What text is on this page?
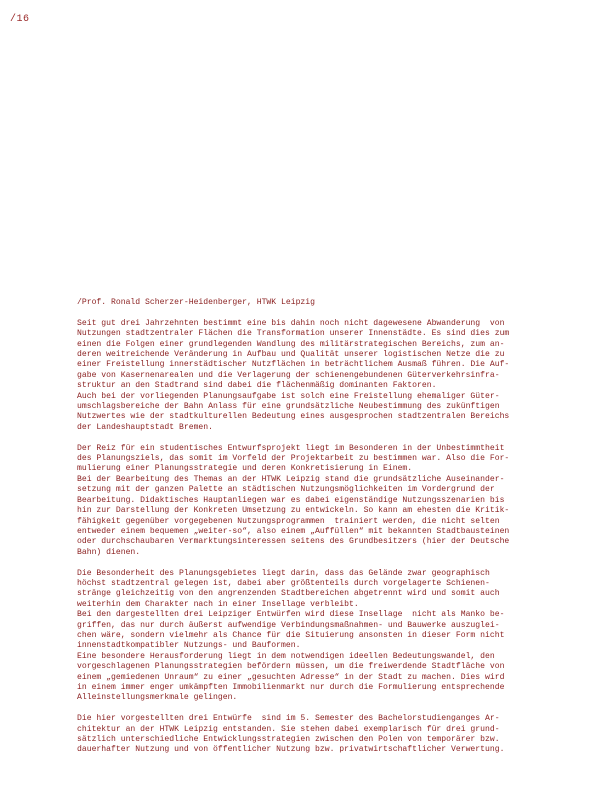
/16
/Prof. Ronald Scherzer-Heidenberger, HTWK Leipzig
Seit gut drei Jahrzehnten bestimmt eine bis dahin noch nicht dagewesene Abwanderung  von
Nutzungen stadtzentraler Flächen die Transformation unserer Innenstädte. Es sind dies zum
einen die Folgen einer grundlegenden Wandlung des militärstrategischen Bereichs, zum an-
deren weitreichende Veränderung in Aufbau und Qualität unserer logistischen Netze die zu
einer Freistellung innerstädtischer Nutzflächen in beträchtlichem Ausmaß führen. Die Auf-
gabe von Kasernenarealen und die Verlagerung der schienengebundenen Güterverkehrsinfra-
struktur an den Stadtrand sind dabei die flächenmäßig dominanten Faktoren.
Auch bei der vorliegenden Planungsaufgabe ist solch eine Freistellung ehemaliger Güter-
umschlagsbereiche der Bahn Anlass für eine grundsätzliche Neubestimmung des zukünftigen
Nutzwertes wie der stadtkulturellen Bedeutung eines ausgesprochen stadtzentralen Bereichs
der Landeshauptstadt Bremen.
Der Reiz für ein studentisches Entwurfsprojekt liegt im Besonderen in der Unbestimmtheit
des Planungsziels, das somit im Vorfeld der Projektarbeit zu bestimmen war. Also die For-
mulierung einer Planungsstrategie und deren Konkretisierung in Einem.
Bei der Bearbeitung des Themas an der HTWK Leipzig stand die grundsätzliche Auseinander-
setzung mit der ganzen Palette an städtischen Nutzungsmöglichkeiten im Vordergrund der
Bearbeitung. Didaktisches Hauptanliegen war es dabei eigenständige Nutzungsszenarien bis
hin zur Darstellung der Konkreten Umsetzung zu entwickeln. So kann am ehesten die Kritik-
fähigkeit gegenüber vorgegebenen Nutzungsprogrammen  trainiert werden, die nicht selten
entweder einem bequemen „weiter-so“, also einem „Auffüllen“ mit bekannten Stadtbausteinen
oder durchschaubaren Vermarktungsinteressen seitens des Grundbesitzers (hier der Deutsche
Bahn) dienen.
Die Besonderheit des Planungsgebietes liegt darin, dass das Gelände zwar geographisch
höchst stadtzentral gelegen ist, dabei aber größtenteils durch vorgelagerte Schienen-
stränge gleichzeitig von den angrenzenden Stadtbereichen abgetrennt wird und somit auch
weiterhin dem Charakter nach in einer Insellage verbleibt.
Bei den dargestellten drei Leipziger Entwürfen wird diese Insellage  nicht als Manko be-
griffen, das nur durch äußerst aufwendige Verbindungsmaßnahmen- und Bauwerke auszuglei-
chen wäre, sondern vielmehr als Chance für die Situierung ansonsten in dieser Form nicht
innenstadtkompatibler Nutzungs- und Bauformen.
Eine besondere Herausforderung liegt in dem notwendigen ideellen Bedeutungswandel, den
vorgeschlagenen Planungsstrategien befördern müssen, um die freiwerdende Stadtfläche von
einem „gemiedenen Unraum“ zu einer „gesuchten Adresse“ in der Stadt zu machen. Dies wird
in einem immer enger umkämpften Immobilienmarkt nur durch die Formulierung entsprechende
Alleinstellungsmerkmale gelingen.
Die hier vorgestellten drei Entwürfe  sind im 5. Semester des Bachelorstudienganges Ar-
chitektur an der HTWK Leipzig entstanden. Sie stehen dabei exemplarisch für drei grund-
sätzlich unterschiedliche Entwicklungsstrategien zwischen den Polen von temporärer bzw.
dauerhafter Nutzung und von öffentlicher Nutzung bzw. privatwirtschaftlicher Verwertung.
